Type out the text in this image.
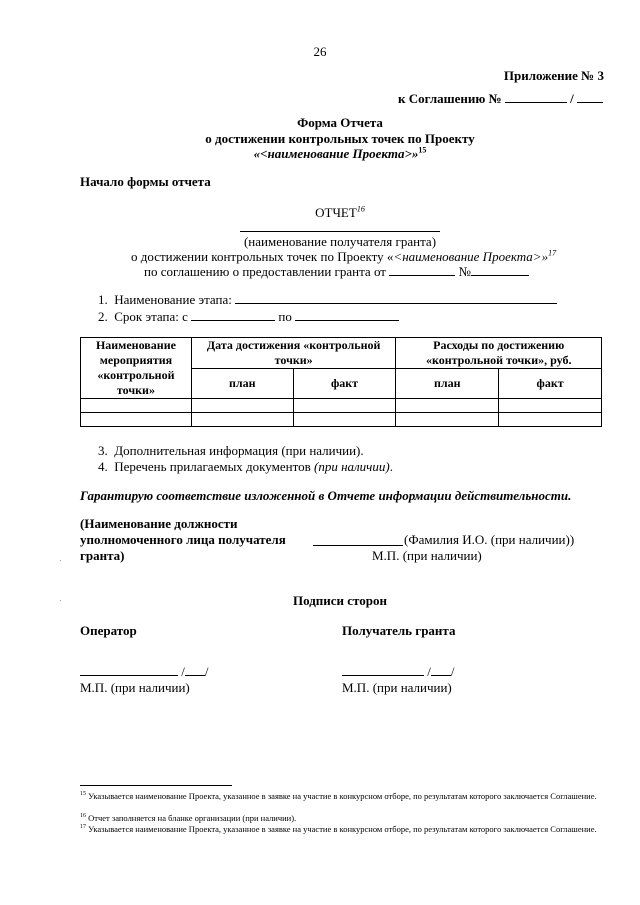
26
Приложение № 3
к Соглашению №	/
Форма Отчета
о достижении контрольных точек по Проекту
«<наименование Проекта>»$^{15}$
Начало формы отчета
ОТЧЕТ$^{16}$
(наименование получателя гранта)
о достижении контрольных точек по Проекту «<наименование Проекта>»$^{17}$
по соглашению о предоставлении гранта от	№
1. Наименование этапа:
2. Срок этапа: с	по
Наименование мероприятия «контрольной точки»	Дата достижения «контрольной точки»		Расходы по достижению «контрольной точки», руб.	
	план	факт	план	факт

3. Дополнительная информация (при наличии).
4. Перечень прилагаемых документов (при наличии).
Гарантирую соответствие изложенной в Отчете информации действительности.
(Наименование должности
уполномоченного лица получателя
гранта)
(Фамилия И.О. (при наличии))
М.П. (при наличии)
Подписи сторон
Оператор	Получатель гранта
/ /
М.П. (при наличии)
/ /
М.П. (при наличии)
$^{15}$ Указывается наименование Проекта, указанное в заявке на участие в конкурсном отборе, по результатам которого заключается Соглашение.
$^{16}$ Отчет заполняется на бланке организации (при наличии).
$^{17}$ Указывается наименование Проекта, указанное в заявке на участие в конкурсном отборе, по результатам которого заключается Соглашение.
